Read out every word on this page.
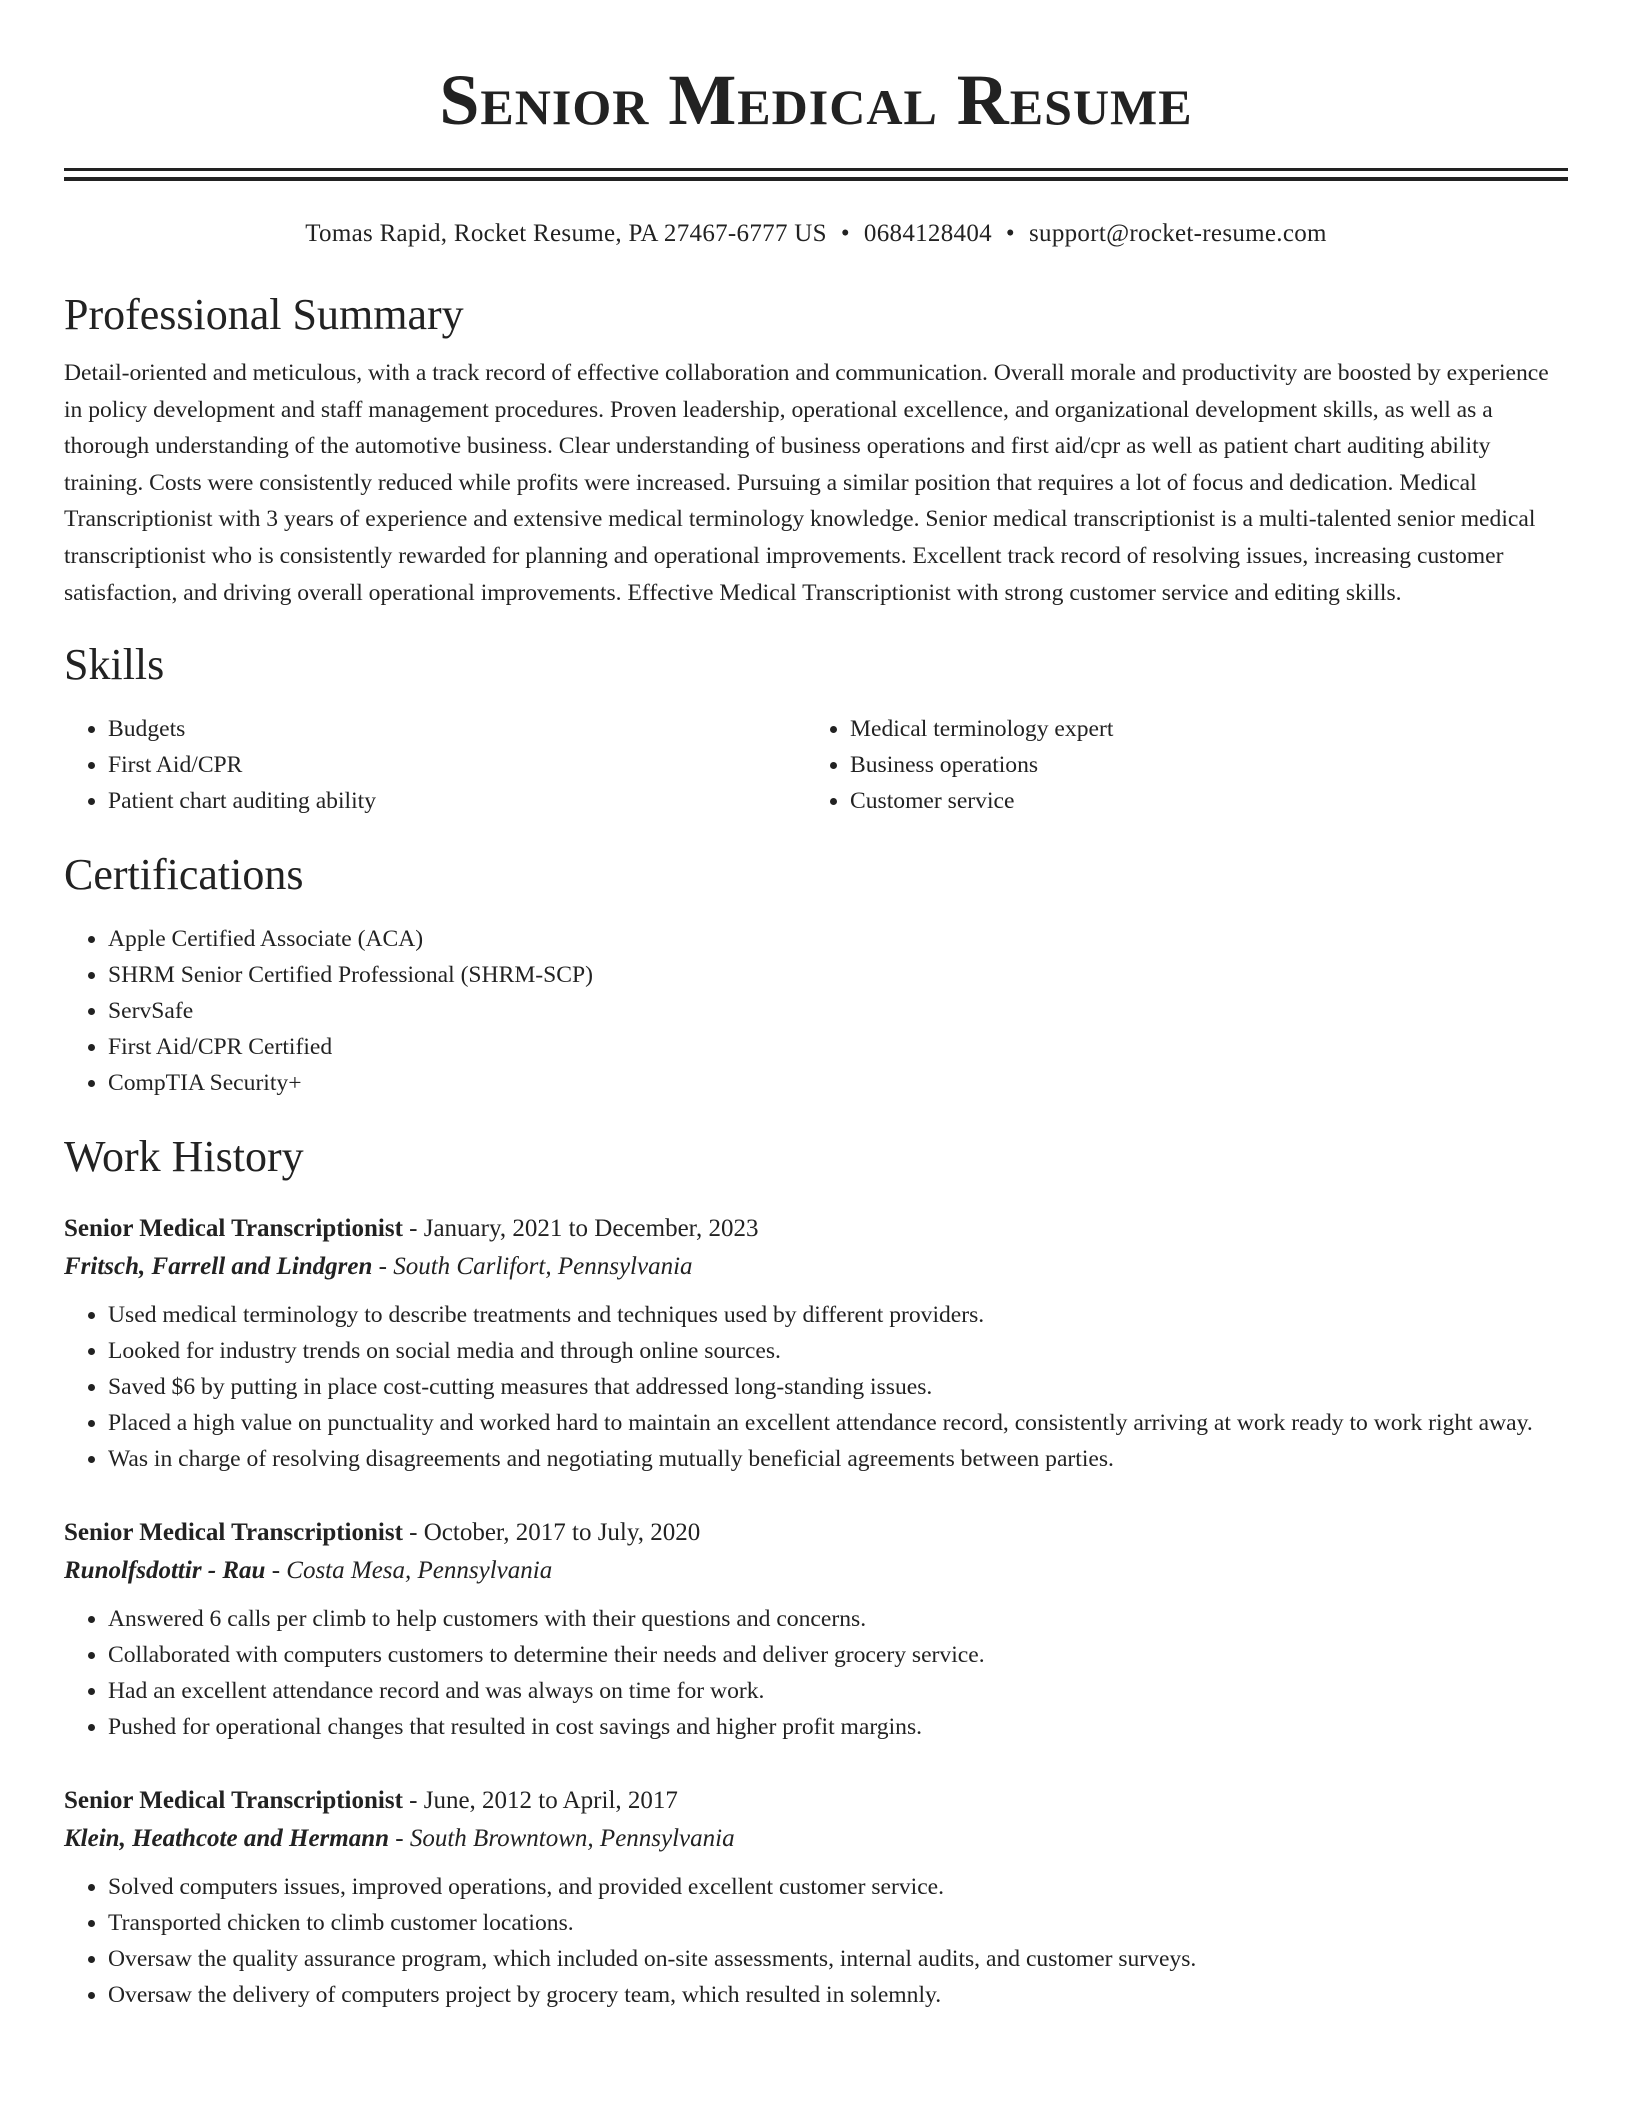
Senior Medical Resume
Tomas Rapid, Rocket Resume, PA 27467-6777 US • 0684128404 • support@rocket-resume.com
Professional Summary

Detail-oriented and meticulous, with a track record of effective collaboration and communication. Overall morale and productivity are boosted by experience in policy development and staff management procedures. Proven leadership, operational excellence, and organizational development skills, as well as a thorough understanding of the automotive business. Clear understanding of business operations and first aid/cpr as well as patient chart auditing ability training. Costs were consistently reduced while profits were increased. Pursuing a similar position that requires a lot of focus and dedication. Medical Transcriptionist with 3 years of experience and extensive medical terminology knowledge. Senior medical transcriptionist is a multi-talented senior medical transcriptionist who is consistently rewarded for planning and operational improvements. Excellent track record of resolving issues, increasing customer satisfaction, and driving overall operational improvements. Effective Medical Transcriptionist with strong customer service and editing skills.

Skills
• Budgets
• First Aid/CPR
• Patient chart auditing ability
• Medical terminology expert
• Business operations
• Customer service
Certifications
• Apple Certified Associate (ACA)
• SHRM Senior Certified Professional (SHRM-SCP)
• ServSafe
• First Aid/CPR Certified
• CompTIA Security+
Work History
Senior Medical Transcriptionist - January, 2021 to December, 2023
Fritsch, Farrell and Lindgren - South Carlifort, Pennsylvania
• Used medical terminology to describe treatments and techniques used by different providers.
• Looked for industry trends on social media and through online sources.
• Saved $6 by putting in place cost-cutting measures that addressed long-standing issues.
• Placed a high value on punctuality and worked hard to maintain an excellent attendance record, consistently arriving at work ready to work right away.
• Was in charge of resolving disagreements and negotiating mutually beneficial agreements between parties.
Senior Medical Transcriptionist - October, 2017 to July, 2020
Runolfsdottir - Rau - Costa Mesa, Pennsylvania
• Answered 6 calls per climb to help customers with their questions and concerns.
• Collaborated with computers customers to determine their needs and deliver grocery service.
• Had an excellent attendance record and was always on time for work.
• Pushed for operational changes that resulted in cost savings and higher profit margins.
Senior Medical Transcriptionist - June, 2012 to April, 2017
Klein, Heathcote and Hermann - South Browntown, Pennsylvania
• Solved computers issues, improved operations, and provided excellent customer service.
• Transported chicken to climb customer locations.
• Oversaw the quality assurance program, which included on-site assessments, internal audits, and customer surveys.
• Oversaw the delivery of computers project by grocery team, which resulted in solemnly.
